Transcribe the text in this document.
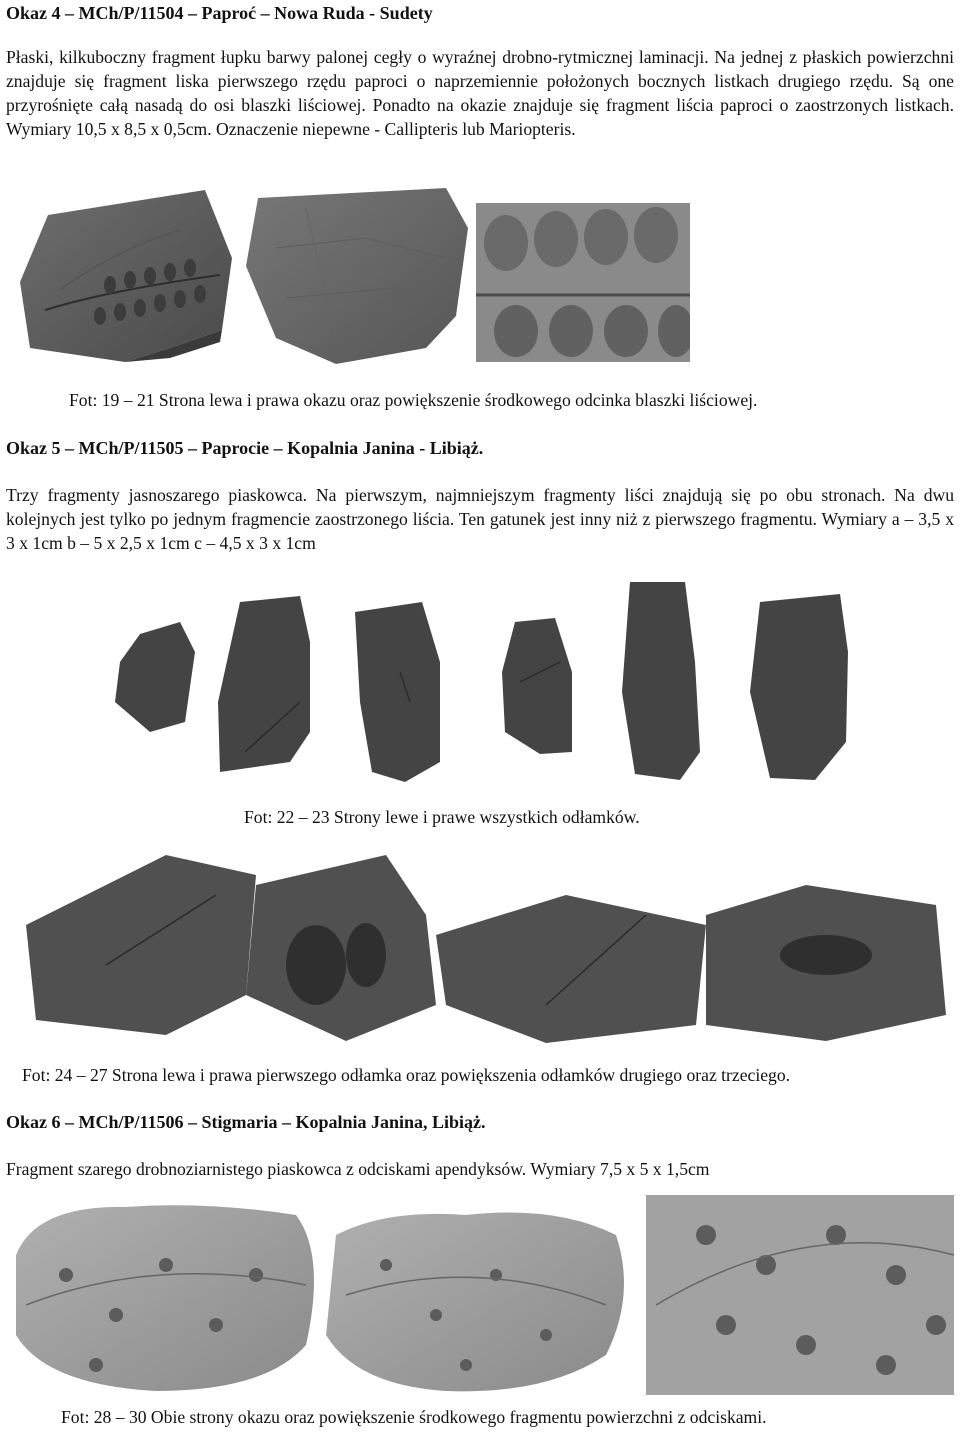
Okaz 4 – MCh/P/11504 – Paproć – Nowa Ruda - Sudety

Płaski, kilkuboczny fragment łupku barwy palonej cegły o wyraźnej drobno-rytmicznej laminacji. Na jednej z płaskich powierzchni znajduje się fragment liska pierwszego rzędu paproci o naprzemiennie położonych bocznych listkach drugiego rzędu. Są one przyrośnięte całą nasadą do osi blaszki liściowej. Ponadto na okazie znajduje się fragment liścia paproci o zaostrzonych listkach. Wymiary 10,5 x 8,5 x 0,5cm. Oznaczenie niepewne - Callipteris lub Mariopteris.

Fot: 19 – 21 Strona lewa i prawa okazu oraz powiększenie środkowego odcinka blaszki liściowej.
Okaz 5 – MCh/P/11505 – Paprocie – Kopalnia Janina - Libiąż.

Trzy fragmenty jasnoszarego piaskowca. Na pierwszym, najmniejszym fragmenty liści znajdują się po obu stronach. Na dwu kolejnych jest tylko po jednym fragmencie zaostrzonego liścia. Ten gatunek jest inny niż z pierwszego fragmentu. Wymiary a – 3,5 x 3 x 1cm b – 5 x 2,5 x 1cm c – 4,5 x 3 x 1cm

Fot: 22 – 23 Strony lewe i prawe wszystkich odłamków.
Fot: 24 – 27 Strona lewa i prawa pierwszego odłamka oraz powiększenia odłamków drugiego oraz trzeciego.
Okaz 6 – MCh/P/11506 – Stigmaria – Kopalnia Janina, Libiąż.

Fragment szarego drobnoziarnistego piaskowca z odciskami apendyksów. Wymiary 7,5 x 5 x 1,5cm

Fot: 28 – 30 Obie strony okazu oraz powiększenie środkowego fragmentu powierzchni z odciskami.
